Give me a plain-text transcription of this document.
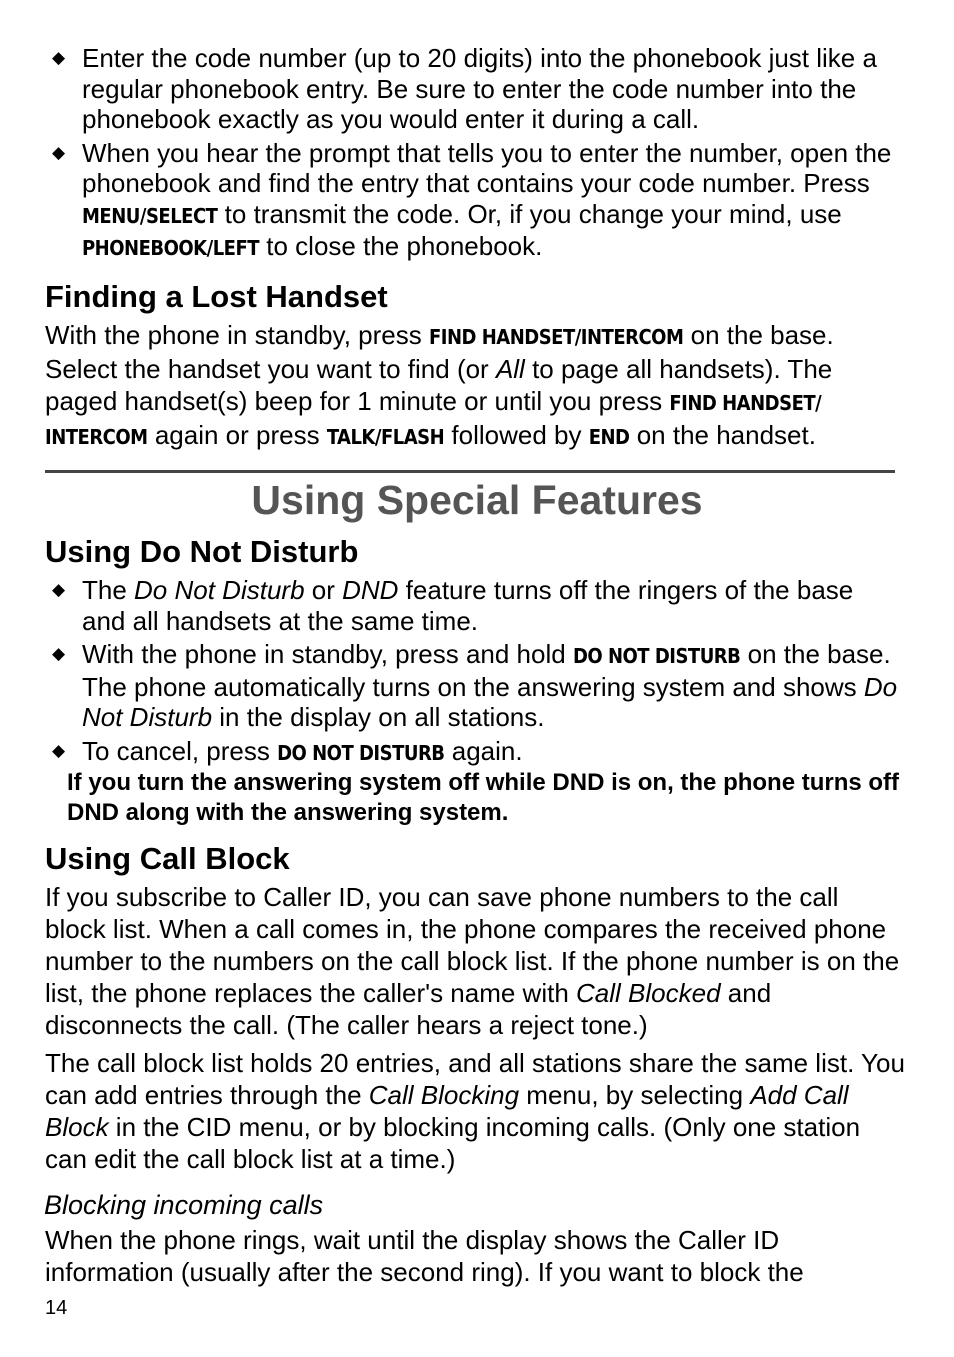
◆ Enter the code number (up to 20 digits) into the phonebook just like a regular phonebook entry. Be sure to enter the code number into the phonebook exactly as you would enter it during a call.
◆ When you hear the prompt that tells you to enter the number, open the phonebook and find the entry that contains your code number. Press MENU/SELECT to transmit the code. Or, if you change your mind, use PHONEBOOK/LEFT to close the phonebook.
Finding a Lost Handset

With the phone in standby, press FIND HANDSET/INTERCOM on the base. Select the handset you want to find (or All to page all handsets). The paged handset(s) beep for 1 minute or until you press FIND HANDSET/ INTERCOM again or press TALK/FLASH followed by END on the handset.

Using Special Features
Using Do Not Disturb
◆ The Do Not Disturb or DND feature turns off the ringers of the base and all handsets at the same time.
◆ With the phone in standby, press and hold DO NOT DISTURB on the base. The phone automatically turns on the answering system and shows Do Not Disturb in the display on all stations.
◆ To cancel, press DO NOT DISTURB again.

If you turn the answering system off while DND is on, the phone turns off DND along with the answering system.

Using Call Block

If you subscribe to Caller ID, you can save phone numbers to the call block list. When a call comes in, the phone compares the received phone number to the numbers on the call block list. If the phone number is on the list, the phone replaces the caller's name with Call Blocked and disconnects the call. (The caller hears a reject tone.)

The call block list holds 20 entries, and all stations share the same list. You can add entries through the Call Blocking menu, by selecting Add Call Block in the CID menu, or by blocking incoming calls. (Only one station can edit the call block list at a time.)

Blocking incoming calls

When the phone rings, wait until the display shows the Caller ID information (usually after the second ring). If you want to block the

14
